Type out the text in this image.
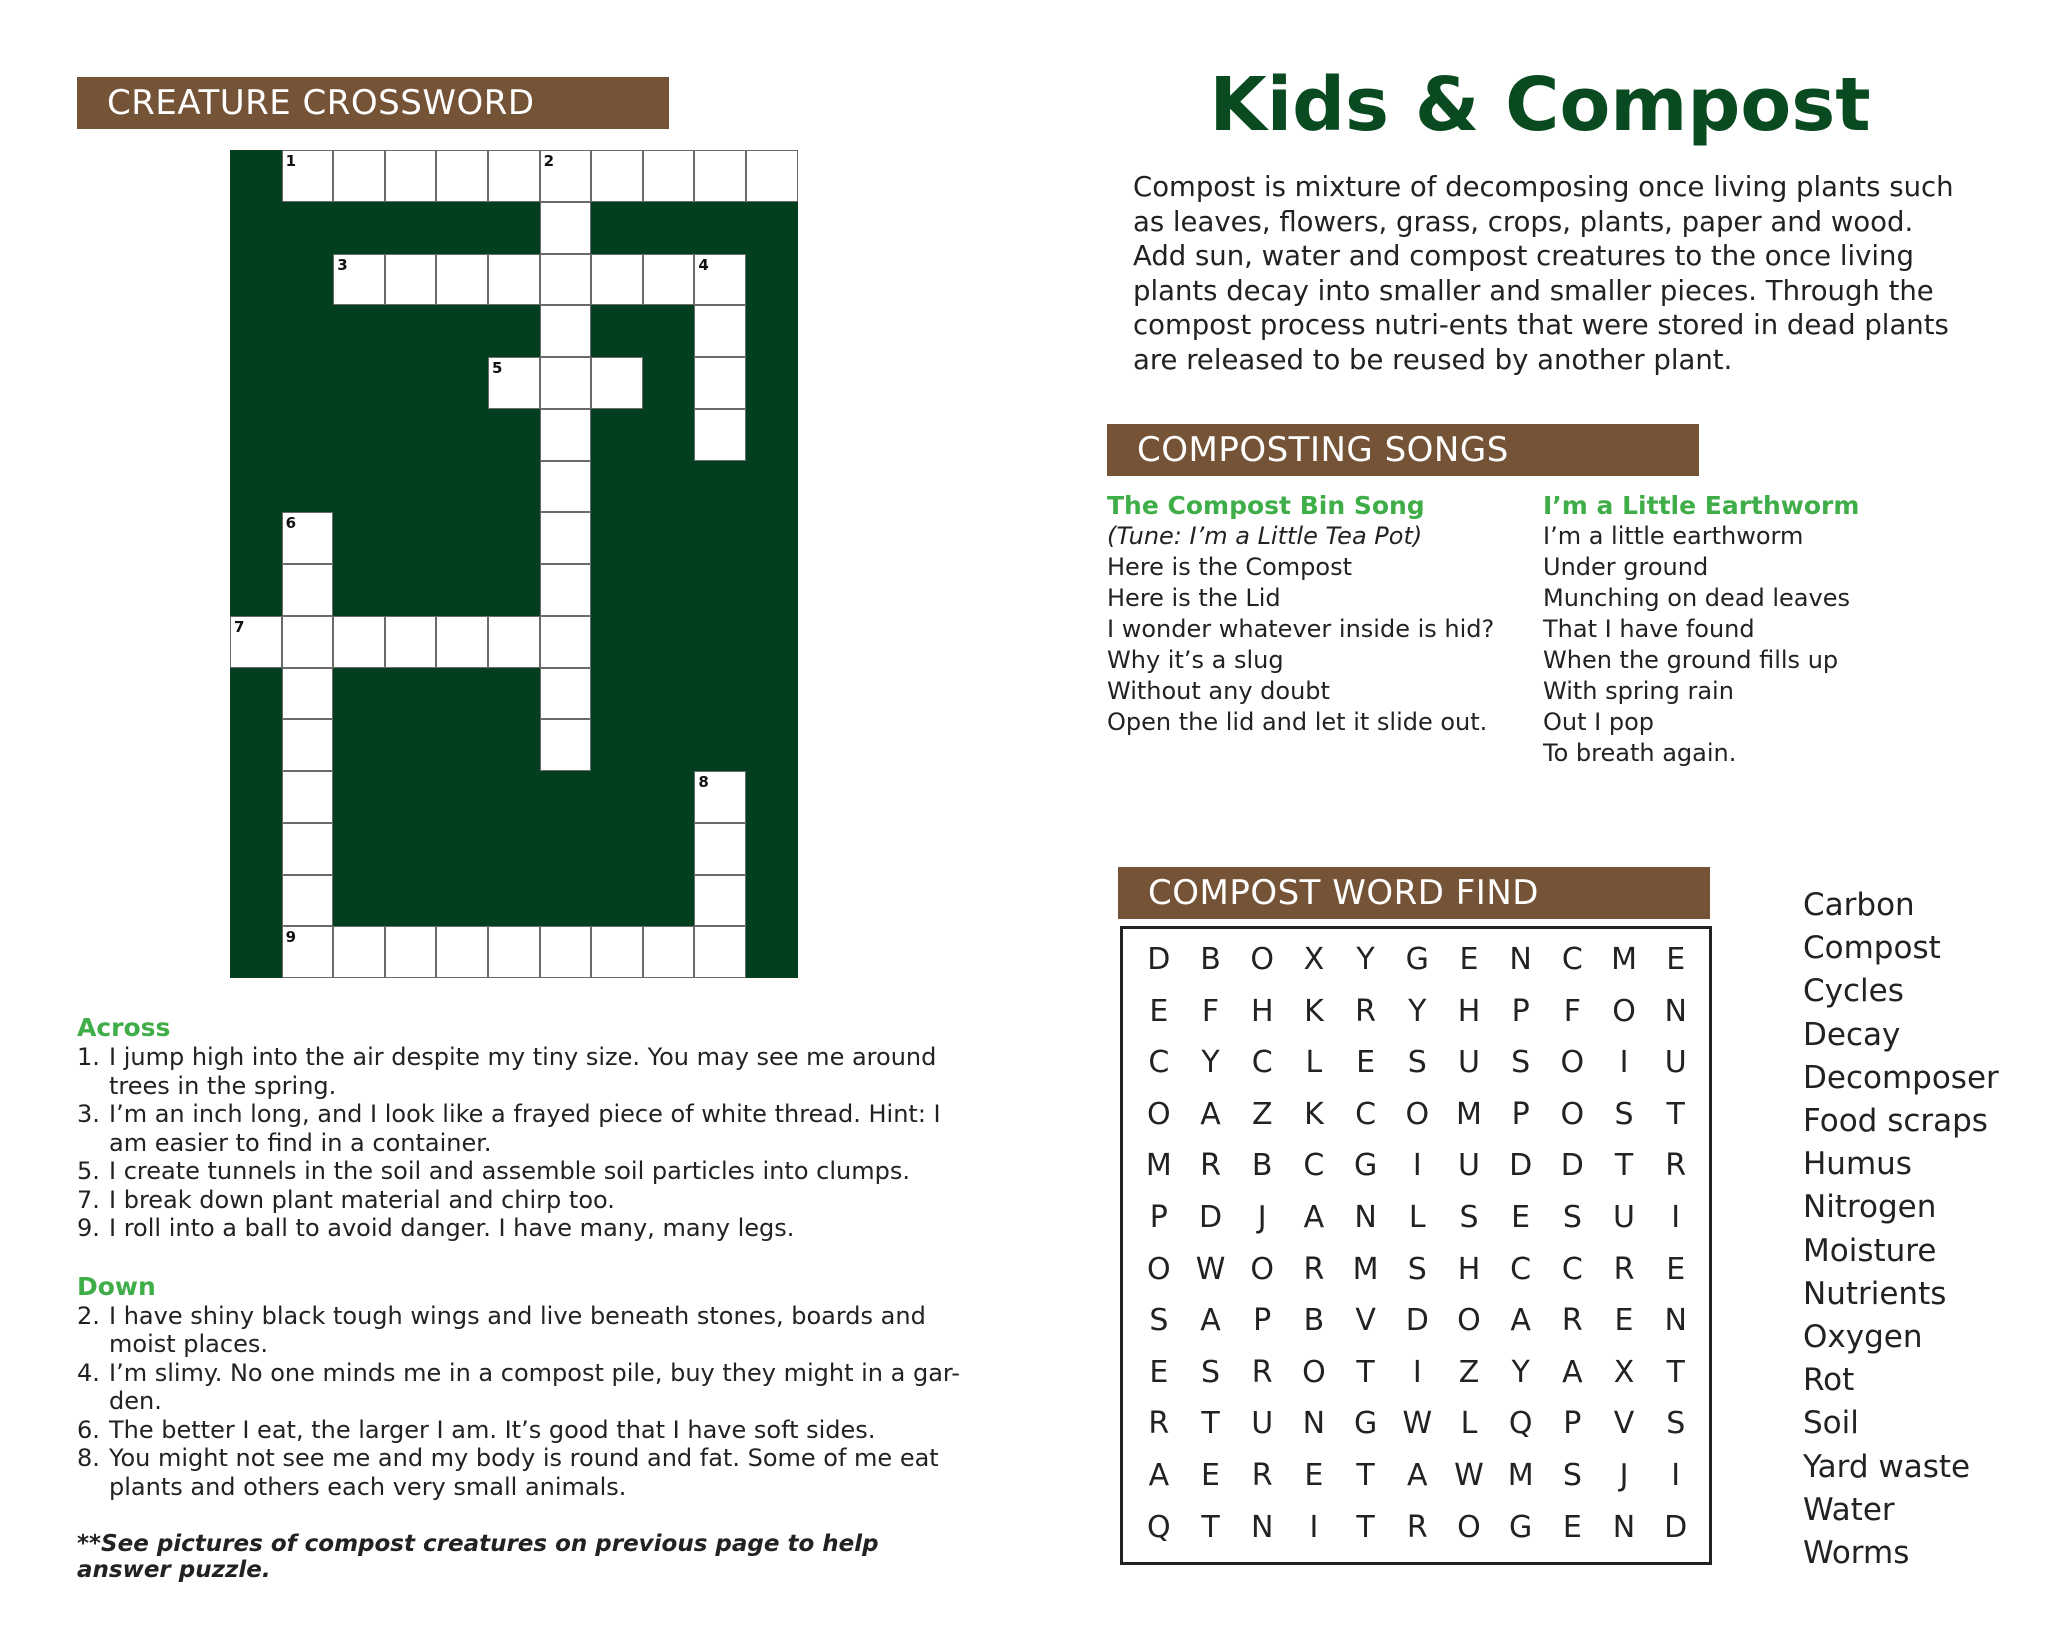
CREATURE CROSSWORD
1	2
3	4
5
6
9
7
8
Across
1. I jump high into the air despite my tiny size. You may see me around trees in the spring.
3. I’m an inch long, and I look like a frayed piece of white thread. Hint: I am easier to find in a container.
5. I create tunnels in the soil and assemble soil particles into clumps.
7. I break down plant material and chirp too.
9. I roll into a ball to avoid danger. I have many, many legs.
Down
2. I have shiny black tough wings and live beneath stones, boards and moist places.
4. I’m slimy. No one minds me in a compost pile, buy they might in a gar-den.
6. The better I eat, the larger I am. It’s good that I have soft sides.
8. You might not see me and my body is round and fat. Some of me eat plants and others each very small animals.
**See pictures of compost creatures on previous page to help answer puzzle.
Kids & Compost
Compost is mixture of decomposing once living plants such as leaves, flowers, grass, crops, plants, paper and wood. Add sun, water and compost creatures to the once living plants decay into smaller and smaller pieces. Through the compost process nutri-ents that were stored in dead plants are released to be reused by another plant.
COMPOSTING SONGS
The Compost Bin Song
(Tune: I’m a Little Tea Pot)
Here is the Compost
Here is the Lid
I wonder whatever inside is hid?
Why it’s a slug
Without any doubt
Open the lid and let it slide out.
I’m a Little Earthworm
I’m a little earthworm
Under ground
Munching on dead leaves
That I have found
When the ground fills up
With spring rain
Out I pop
To breath again.
COMPOST WORD FIND
D B O X	Y	G	E	N C M E
E	F	H	K	R	Y	H	P	F	O N
C	Y	C	L	E	S	U	S	O	I	U
O A	Z	K	C O M P	O	S	T
M R	B	C G	I	U D D	T	R
P	D	J	A	N	L	S	E	S	U	I
O W O R M S	H C	C	R	E
S	A	P	B	V D O A	R	E	N
E	S	R O	T	I	Z	Y	A	X	T
R	T	U N G W L	Q	P	V	S
A	E	R	E	T	A W M S	J	I
Q	T	N	I	T	R O G	E	N D
Carbon
Compost
Cycles
Decay
Decomposer
Food scraps
Humus
Nitrogen
Moisture
Nutrients
Oxygen
Rot
Soil
Yard waste
Water
Worms
